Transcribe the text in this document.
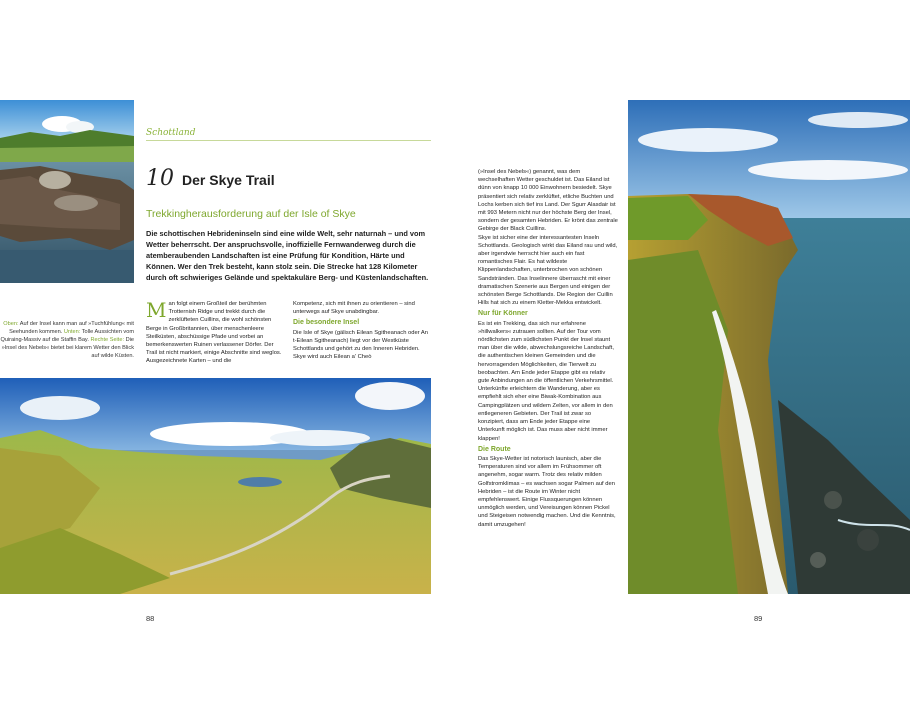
Schottland
10 Der Skye Trail
Trekkingherausforderung auf der Isle of Skye
Die schottischen Hebrideninseln sind eine wilde Welt, sehr naturnah – und vom Wetter beherrscht. Der anspruchsvolle, inoffizielle Fernwanderweg durch die atemberaubenden Landschaften ist eine Prüfung für Kondition, Härte und Können. Wer den Trek besteht, kann stolz sein. Die Strecke hat 128 Kilometer durch oft schwieriges Gelände und spektakuläre Berg- und Küstenlandschaften.
Oben: Auf der Insel kann man auf »Tuchfühlung« mit Seehunden kommen. Unten: Tolle Aussichten vom Quiraing-Massiv auf die Staffin Bay. Rechte Seite: Die »Insel des Nebels« bietet bei klarem Wetter den Blick auf wilde Küsten.
Man folgt einem Großteil der berühmten Trotternish Ridge und trekkt durch die zerklüfteten Cuillins, die wohl schönsten Berge in Großbritannien, über menschenleere Steilküsten, abschüssige Pfade und vorbei an bemerkenswerten Ruinen verlassener Dörfer. Der Trail ist nicht markiert, einige Abschnitte sind weglos. Ausgezeichnete Karten – und die

Kompetenz, sich mit ihnen zu orientieren – sind unterwegs auf Skye unabdingbar.

Die besondere Insel

Die Isle of Skye (gälisch Eilean Sgitheanach oder An t-Eilean Sgitheanach) liegt vor der Westküste Schottlands und gehört zu den Inneren Hebriden. Skye wird auch Eilean a' Cheò

(»Insel des Nebels«) genannt, was dem wechselhaften Wetter geschuldet ist. Das Eiland ist dünn von knapp 10 000 Einwohnern besiedelt. Skye präsentiert sich relativ zerklüftet, etliche Buchten und Lochs kerben sich tief ins Land. Der Sgurr Alasdair ist mit 993 Metern nicht nur der höchste Berg der Insel, sondern der gesamten Hebriden. Er krönt das zentrale Gebirge der Black Cuillins.

Skye ist sicher eine der interessantesten Inseln Schottlands. Geologisch wirkt das Eiland rau und wild, aber irgendwie herrscht hier auch ein fast romantisches Flair. Es hat wildeste Klippenlandschaften, unterbrochen von schönen Sandstränden. Das Inselinnere überrascht mit einer dramatischen Szenerie aus Bergen und einigen der schönsten Berge Schottlands. Die Region der Cuillin Hills hat sich zu einem Kletter-Mekka entwickelt.

Nur für Könner

Es ist ein Trekking, das sich nur erfahrene »hillwalkers« zutrauen sollten. Auf der Tour vom nördlichsten zum südlichsten Punkt der Insel staunt man über die wilde, abwechslungsreiche Landschaft, die authentischen kleinen Gemeinden und die hervorragenden Möglichkeiten, die Tierwelt zu beobachten. Am Ende jeder Etappe gibt es relativ gute Anbindungen an die öffentlichen Verkehrsmittel. Unterkünfte erleichtern die Wanderung, aber es empfiehlt sich eher eine Biwak-Kombination aus Campingplätzen und wildem Zelten, vor allem in den entlegeneren Gebieten. Der Trail ist zwar so konzipiert, dass am Ende jeder Etappe eine Unterkunft möglich ist. Das muss aber nicht immer klappen!

Die Route

Das Skye-Wetter ist notorisch launisch, aber die Temperaturen sind vor allem im Frühsommer oft angenehm, sogar warm. Trotz des relativ milden Golfstromklimas – es wachsen sogar Palmen auf den Hebriden – ist die Route im Winter nicht empfehlenswert. Einige Flussquerungen können unmöglich werden, und Vereisungen können Pickel und Steigeisen notwendig machen. Und die Kenntnis, damit umzugehen!

88	89
